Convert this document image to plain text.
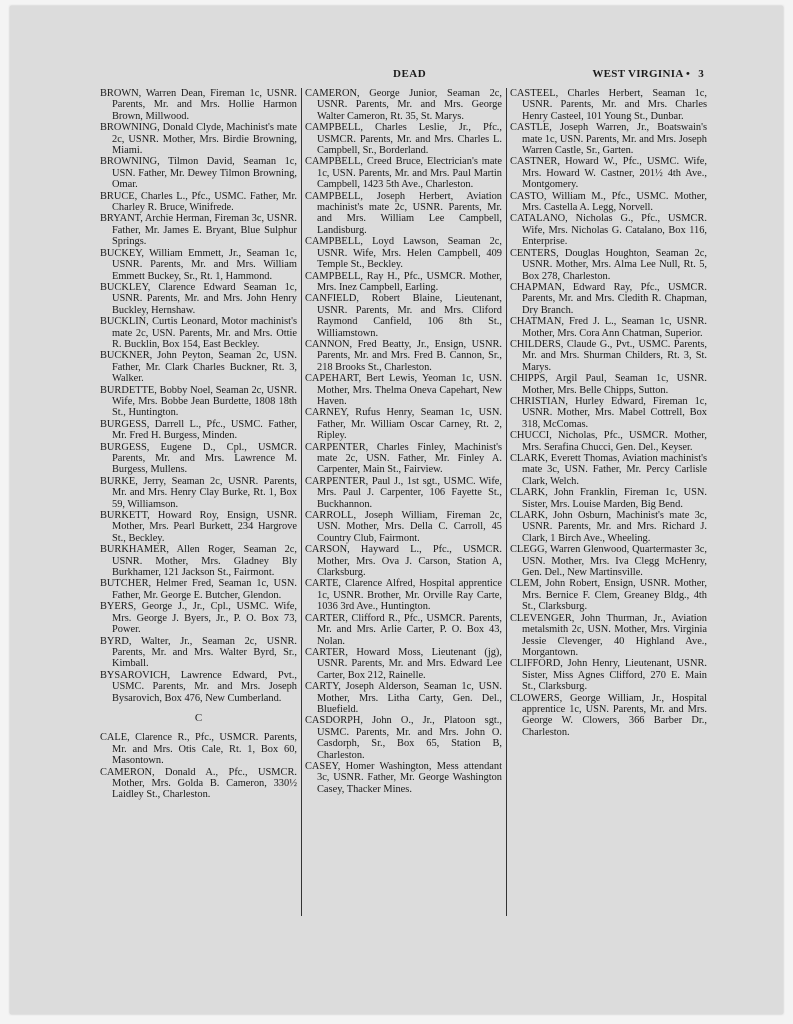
DEAD	WEST VIRGINIA • 3

BROWN, Warren Dean, Fireman 1c, USNR. Parents, Mr. and Mrs. Hollie Harmon Brown, Millwood.

BROWNING, Donald Clyde, Machinist's mate 2c, USNR. Mother, Mrs. Birdie Browning, Miami.

BROWNING, Tilmon David, Seaman 1c, USN. Father, Mr. Dewey Tilmon Browning, Omar.

BRUCE, Charles L., Pfc., USMC. Father, Mr. Charley R. Bruce, Winifrede.

BRYANT, Archie Herman, Fireman 3c, USNR. Father, Mr. James E. Bryant, Blue Sulphur Springs.

BUCKEY, William Emmett, Jr., Seaman 1c, USNR. Parents, Mr. and Mrs. William Emmett Buckey, Sr., Rt. 1, Hammond.

BUCKLEY, Clarence Edward Seaman 1c, USNR. Parents, Mr. and Mrs. John Henry Buckley, Hernshaw.

BUCKLIN, Curtis Leonard, Motor machinist's mate 2c, USN. Parents, Mr. and Mrs. Ottie R. Bucklin, Box 154, East Beckley.

BUCKNER, John Peyton, Seaman 2c, USN. Father, Mr. Clark Charles Buckner, Rt. 3, Walker.

BURDETTE, Bobby Noel, Seaman 2c, USNR. Wife, Mrs. Bobbe Jean Burdette, 1808 18th St., Huntington.

BURGESS, Darrell L., Pfc., USMC. Father, Mr. Fred H. Burgess, Minden.

BURGESS, Eugene D., Cpl., USMCR. Parents, Mr. and Mrs. Lawrence M. Burgess, Mullens.

BURKE, Jerry, Seaman 2c, USNR. Parents, Mr. and Mrs. Henry Clay Burke, Rt. 1, Box 59, Williamson.

BURKETT, Howard Roy, Ensign, USNR. Mother, Mrs. Pearl Burkett, 234 Hargrove St., Beckley.

BURKHAMER, Allen Roger, Seaman 2c, USNR. Mother, Mrs. Gladney Bly Burkhamer, 121 Jackson St., Fairmont.

BUTCHER, Helmer Fred, Seaman 1c, USN. Father, Mr. George E. Butcher, Glendon.

BYERS, George J., Jr., Cpl., USMC. Wife, Mrs. George J. Byers, Jr., P. O. Box 73, Power.

BYRD, Walter, Jr., Seaman 2c, USNR. Parents, Mr. and Mrs. Walter Byrd, Sr., Kimball.

BYSAROVICH, Lawrence Edward, Pvt., USMC. Parents, Mr. and Mrs. Joseph Bysarovich, Box 476, New Cumberland.

C

CALE, Clarence R., Pfc., USMCR. Parents, Mr. and Mrs. Otis Cale, Rt. 1, Box 60, Masontown.

CAMERON, Donald A., Pfc., USMCR. Mother, Mrs. Golda B. Cameron, 330½ Laidley St., Charleston.

CAMERON, George Junior, Seaman 2c, USNR. Parents, Mr. and Mrs. George Walter Cameron, Rt. 35, St. Marys.

CAMPBELL, Charles Leslie, Jr., Pfc., USMCR. Parents, Mr. and Mrs. Charles L. Campbell, Sr., Borderland.

CAMPBELL, Creed Bruce, Electrician's mate 1c, USN. Parents, Mr. and Mrs. Paul Martin Campbell, 1423 5th Ave., Charleston.

CAMPBELL, Joseph Herbert, Aviation machinist's mate 2c, USNR. Parents, Mr. and Mrs. William Lee Campbell, Landisburg.

CAMPBELL, Loyd Lawson, Seaman 2c, USNR. Wife, Mrs. Helen Campbell, 409 Temple St., Beckley.

CAMPBELL, Ray H., Pfc., USMCR. Mother, Mrs. Inez Campbell, Earling.

CANFIELD, Robert Blaine, Lieutenant, USNR. Parents, Mr. and Mrs. Cliford Raymond Canfield, 106 8th St., Williamstown.

CANNON, Fred Beatty, Jr., Ensign, USNR. Parents, Mr. and Mrs. Fred B. Cannon, Sr., 218 Brooks St., Charleston.

CAPEHART, Bert Lewis, Yeoman 1c, USN. Mother, Mrs. Thelma Oneva Capehart, New Haven.

CARNEY, Rufus Henry, Seaman 1c, USN. Father, Mr. William Oscar Carney, Rt. 2, Ripley.

CARPENTER, Charles Finley, Machinist's mate 2c, USN. Father, Mr. Finley A. Carpenter, Main St., Fairview.

CARPENTER, Paul J., 1st sgt., USMC. Wife, Mrs. Paul J. Carpenter, 106 Fayette St., Buckhannon.

CARROLL, Joseph William, Fireman 2c, USN. Mother, Mrs. Della C. Carroll, 45 Country Club, Fairmont.

CARSON, Hayward L., Pfc., USMCR. Mother, Mrs. Ova J. Carson, Station A, Clarksburg.

CARTE, Clarence Alfred, Hospital apprentice 1c, USNR. Brother, Mr. Orville Ray Carte, 1036 3rd Ave., Huntington.

CARTER, Clifford R., Pfc., USMCR. Parents, Mr. and Mrs. Arlie Carter, P. O. Box 43, Nolan.

CARTER, Howard Moss, Lieutenant (jg), USNR. Parents, Mr. and Mrs. Edward Lee Carter, Box 212, Rainelle.

CARTY, Joseph Alderson, Seaman 1c, USN. Mother, Mrs. Litha Carty, Gen. Del., Bluefield.

CASDORPH, John O., Jr., Platoon sgt., USMC. Parents, Mr. and Mrs. John O. Casdorph, Sr., Box 65, Station B, Charleston.

CASEY, Homer Washington, Mess attendant 3c, USNR. Father, Mr. George Washington Casey, Thacker Mines.

CASTEEL, Charles Herbert, Seaman 1c, USNR. Parents, Mr. and Mrs. Charles Henry Casteel, 101 Young St., Dunbar.

CASTLE, Joseph Warren, Jr., Boatswain's mate 1c, USN. Parents, Mr. and Mrs. Joseph Warren Castle, Sr., Garten.

CASTNER, Howard W., Pfc., USMC. Wife, Mrs. Howard W. Castner, 201½ 4th Ave., Montgomery.

CASTO, William M., Pfc., USMC. Mother, Mrs. Castella A. Legg, Norvell.

CATALANO, Nicholas G., Pfc., USMCR. Wife, Mrs. Nicholas G. Catalano, Box 116, Enterprise.

CENTERS, Douglas Houghton, Seaman 2c, USNR. Mother, Mrs. Alma Lee Null, Rt. 5, Box 278, Charleston.

CHAPMAN, Edward Ray, Pfc., USMCR. Parents, Mr. and Mrs. Cledith R. Chapman, Dry Branch.

CHATMAN, Fred J. L., Seaman 1c, USNR. Mother, Mrs. Cora Ann Chatman, Superior.

CHILDERS, Claude G., Pvt., USMC. Parents, Mr. and Mrs. Shurman Childers, Rt. 3, St. Marys.

CHIPPS, Argil Paul, Seaman 1c, USNR. Mother, Mrs. Belle Chipps, Sutton.

CHRISTIAN, Hurley Edward, Fireman 1c, USNR. Mother, Mrs. Mabel Cottrell, Box 318, McComas.

CHUCCI, Nicholas, Pfc., USMCR. Mother, Mrs. Serafina Chucci, Gen. Del., Keyser.

CLARK, Everett Thomas, Aviation machinist's mate 3c, USN. Father, Mr. Percy Carlisle Clark, Welch.

CLARK, John Franklin, Fireman 1c, USN. Sister, Mrs. Louise Marden, Big Bend.

CLARK, John Osburn, Machinist's mate 3c, USNR. Parents, Mr. and Mrs. Richard J. Clark, 1 Birch Ave., Wheeling.

CLEGG, Warren Glenwood, Quartermaster 3c, USN. Mother, Mrs. Iva Clegg McHenry, Gen. Del., New Martinsville.

CLEM, John Robert, Ensign, USNR. Mother, Mrs. Bernice F. Clem, Greaney Bldg., 4th St., Clarksburg.

CLEVENGER, John Thurman, Jr., Aviation metalsmith 2c, USN. Mother, Mrs. Virginia Jessie Clevenger, 40 Highland Ave., Morgantown.

CLIFFORD, John Henry, Lieutenant, USNR. Sister, Miss Agnes Clifford, 270 E. Main St., Clarksburg.

CLOWERS, George William, Jr., Hospital apprentice 1c, USN. Parents, Mr. and Mrs. George W. Clowers, 366 Barber Dr., Charleston.
